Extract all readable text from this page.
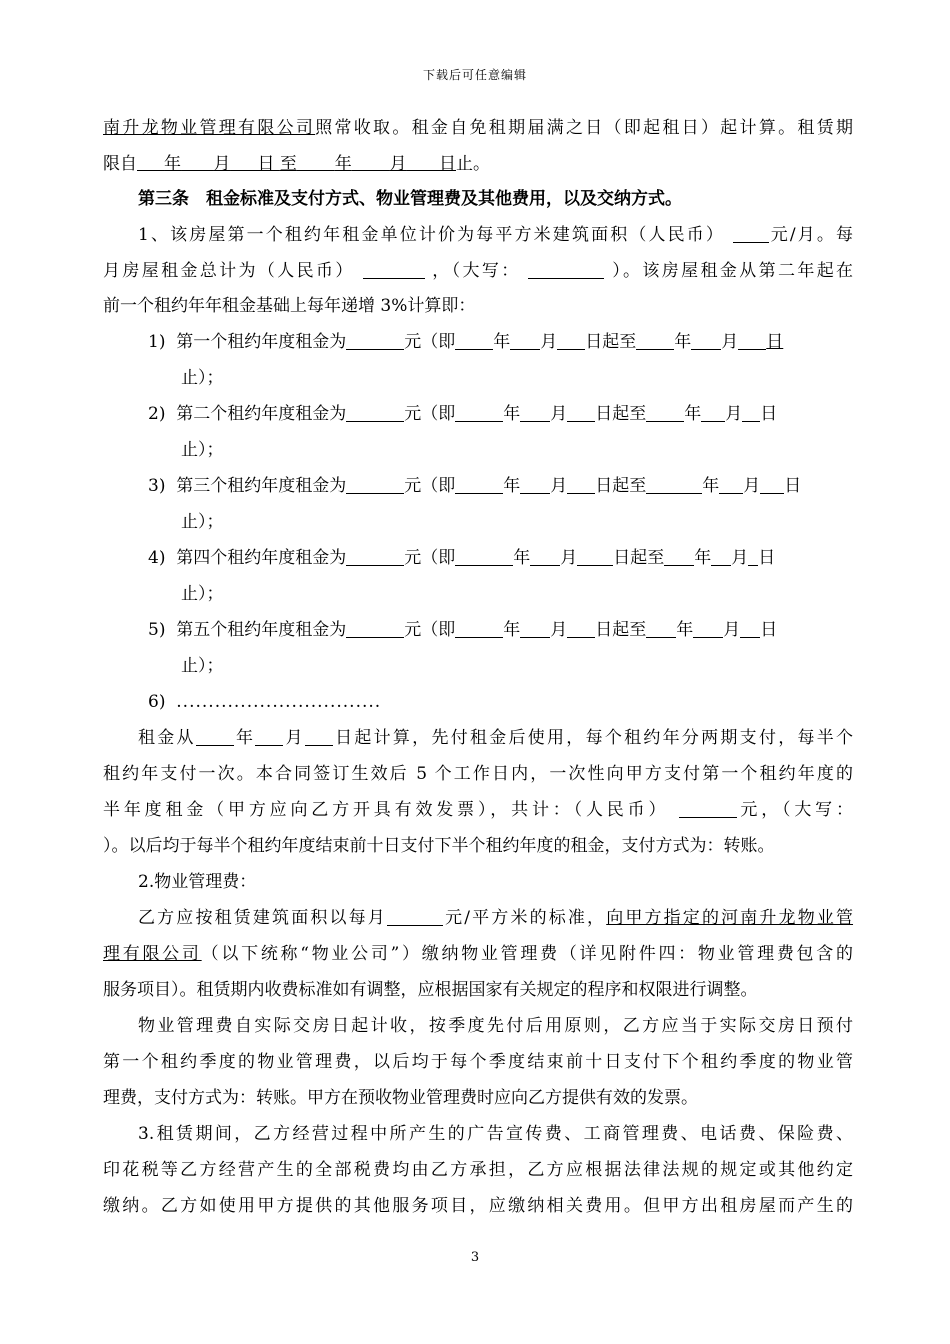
下载后可任意编辑
南升龙物业管理有限公司照常收取。租金自免租期届满之日（即起租日）起计算。租赁期
限自 年 月 日 至 年 月 日止。
第三条　租金标准及支付方式、物业管理费及其他费用，以及交纳方式。
1、该房屋第一个租约年租金单位计价为每平方米建筑面积（人民币）	元/月。每
月房屋租金总计为（人民币）	，（大写：	）。该房屋租金从第二年起在
前一个租约年年租金基础上每年递增 3%计算即：
1) 第一个租约年度租金为	元（即 年 月 日起至 年 月 日
止）；
2) 第二个租约年度租金为	元（即	年 月 日起至 年 月 日
止）；
3) 第三个租约年度租金为	元（即	年 月 日起至	年 月 日
止）；
4) 第四个租约年度租金为	元（即	年 月 日起至 年 月 日
止）；
5) 第五个租约年度租金为	元（即	年 月 日起至 年 月 日
止）；
6) ................................
租金从 年 月 日起计算，先付租金后使用，每个租约年分两期支付，每半个
租约年支付一次。本合同签订生效后 5 个工作日内，一次性向甲方支付第一个租约年度的
半年度租金（甲方应向乙方开具有效发票），共计：（人民币）	元，（大写：
）。以后均于每半个租约年度结束前十日支付下半个租约年度的租金，支付方式为：转账。
2.物业管理费：
乙方应按租赁建筑面积以每月	元/平方米的标准，向甲方指定的河南升龙物业管
理有限公司（以下统称“物业公司”）缴纳物业管理费（详见附件四：物业管理费包含的
服务项目）。租赁期内收费标准如有调整，应根据国家有关规定的程序和权限进行调整。
物业管理费自实际交房日起计收，按季度先付后用原则，乙方应当于实际交房日预付
第一个租约季度的物业管理费，以后均于每个季度结束前十日支付下个租约季度的物业管
理费，支付方式为：转账。甲方在预收物业管理费时应向乙方提供有效的发票。
3.租赁期间，乙方经营过程中所产生的广告宣传费、工商管理费、电话费、保险费、
印花税等乙方经营产生的全部税费均由乙方承担，乙方应根据法律法规的规定或其他约定
缴纳。乙方如使用甲方提供的其他服务项目，应缴纳相关费用。但甲方出租房屋而产生的
3
